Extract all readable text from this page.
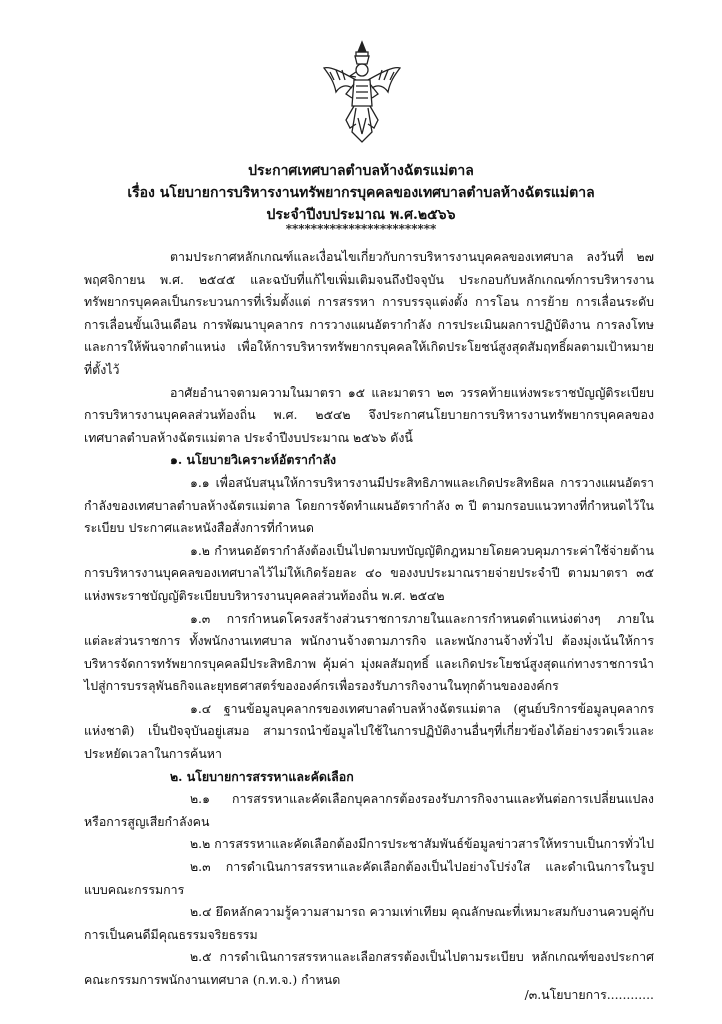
ประกาศเทศบาลตำบลห้างฉัตรแม่ตาล
เรื่อง นโยบายการบริหารงานทรัพยากรบุคคลของเทศบาลตำบลห้างฉัตรแม่ตาล
ประจำปีงบประมาณ พ.ศ.๒๕๖๖
************************

ตามประกาศหลักเกณฑ์และเงื่อนไขเกี่ยวกับการบริหารงานบุคคลของเทศบาล ลงวันที่ ๒๗ พฤศจิกายน พ.ศ. ๒๕๔๕ และฉบับที่แก้ไขเพิ่มเติมจนถึงปัจจุบัน ประกอบกับหลักเกณฑ์การบริหารงานทรัพยากรบุคคลเป็นกระบวนการที่เริ่มตั้งแต่ การสรรหา การบรรจุแต่งตั้ง การโอน การย้าย การเลื่อนระดับ การเลื่อนขั้นเงินเดือน การพัฒนาบุคลากร การวางแผนอัตรากำลัง การประเมินผลการปฏิบัติงาน การลงโทษ และการให้พ้นจากตำแหน่ง เพื่อให้การบริหารทรัพยากรบุคคลให้เกิดประโยชน์สูงสุดสัมฤทธิ์ผลตามเป้าหมายที่ตั้งไว้

อาศัยอำนาจตามความในมาตรา ๑๕ และมาตรา ๒๓ วรรคท้ายแห่งพระราชบัญญัติระเบียบการบริหารงานบุคคลส่วนท้องถิ่น พ.ศ. ๒๕๔๒ จึงประกาศนโยบายการบริหารงานทรัพยากรบุคคลของเทศบาลตำบลห้างฉัตรแม่ตาล ประจำปีงบประมาณ ๒๕๖๖ ดังนี้

๑. นโยบายวิเคราะห์อัตรากำลัง

๑.๑ เพื่อสนับสนุนให้การบริหารงานมีประสิทธิภาพและเกิดประสิทธิผล การวางแผนอัตรากำลังของเทศบาลตำบลห้างฉัตรแม่ตาล โดยการจัดทำแผนอัตรากำลัง ๓ ปี ตามกรอบแนวทางที่กำหนดไว้ในระเบียบ ประกาศและหนังสือสั่งการที่กำหนด

๑.๒ กำหนดอัตรากำลังต้องเป็นไปตามบทบัญญัติกฎหมายโดยควบคุมภาระค่าใช้จ่ายด้านการบริหารงานบุคคลของเทศบาลไว้ไม่ให้เกิดร้อยละ ๔๐ ของงบประมาณรายจ่ายประจำปี ตามมาตรา ๓๕ แห่งพระราชบัญญัติระเบียบบริหารงานบุคคลส่วนท้องถิ่น พ.ศ. ๒๕๔๒

๑.๓ การกำหนดโครงสร้างส่วนราชการภายในและการกำหนดตำแหน่งต่างๆ ภายในแต่ละส่วนราชการ ทั้งพนักงานเทศบาล พนักงานจ้างตามภารกิจ และพนักงานจ้างทั่วไป ต้องมุ่งเน้นให้การบริหารจัดการทรัพยากรบุคคลมีประสิทธิภาพ คุ้มค่า มุ่งผลสัมฤทธิ์ และเกิดประโยชน์สูงสุดแก่ทางราชการนำไปสู่การบรรลุพันธกิจและยุทธศาสตร์ขององค์กรเพื่อรองรับภารกิจงานในทุกด้านขององค์กร

๑.๔ ฐานข้อมูลบุคลากรของเทศบาลตำบลห้างฉัตรแม่ตาล (ศูนย์บริการข้อมูลบุคลากรแห่งชาติ) เป็นปัจจุบันอยู่เสมอ สามารถนำข้อมูลไปใช้ในการปฏิบัติงานอื่นๆที่เกี่ยวข้องได้อย่างรวดเร็วและประหยัดเวลาในการค้นหา

๒. นโยบายการสรรหาและคัดเลือก

๒.๑ การสรรหาและคัดเลือกบุคลากรต้องรองรับภารกิจงานและทันต่อการเปลี่ยนแปลงหรือการสูญเสียกำลังคน

๒.๒ การสรรหาและคัดเลือกต้องมีการประชาสัมพันธ์ข้อมูลข่าวสารให้ทราบเป็นการทั่วไป

๒.๓ การดำเนินการสรรหาและคัดเลือกต้องเป็นไปอย่างโปร่งใส และดำเนินการในรูปแบบคณะกรรมการ

๒.๔ ยึดหลักความรู้ความสามารถ ความเท่าเทียม คุณลักษณะที่เหมาะสมกับงานควบคู่กับการเป็นคนดีมีคุณธรรมจริยธรรม

๒.๕ การดำเนินการสรรหาและเลือกสรรต้องเป็นไปตามระเบียบ หลักเกณฑ์ของประกาศคณะกรรมการพนักงานเทศบาล (ก.ท.จ.) กำหนด

/๓.นโยบายการ............
